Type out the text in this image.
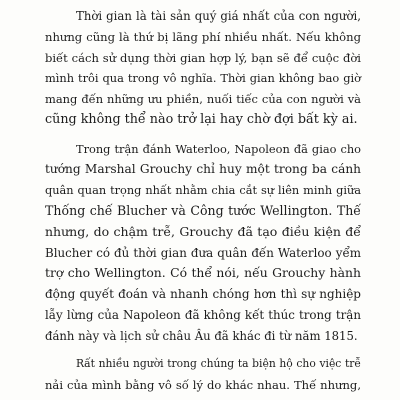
Thời gian là tài sản quý giá nhất của con người,
nhưng cũng là thứ bị lãng phí nhiều nhất. Nếu không
biết cách sử dụng thời gian hợp lý, bạn sẽ để cuộc đời
mình trôi qua trong vô nghĩa. Thời gian không bao giờ
mang đến những ưu phiền, nuối tiếc của con người và
cũng không thể nào trở lại hay chờ đợi bất kỳ ai.
Trong trận đánh Waterloo, Napoleon đã giao cho
tướng Marshal Grouchy chỉ huy một trong ba cánh
quân quan trọng nhất nhằm chia cắt sự liên minh giữa
Thống chế Blucher và Công tước Wellington. Thế
nhưng, do chậm trễ, Grouchy đã tạo điều kiện để
Blucher có đủ thời gian đưa quân đến Waterloo yểm
trợ cho Wellington. Có thể nói, nếu Grouchy hành
động quyết đoán và nhanh chóng hơn thì sự nghiệp
lẫy lừng của Napoleon đã không kết thúc trong trận
đánh này và lịch sử châu Âu đã khác đi từ năm 1815.
Rất nhiều người trong chúng ta biện hộ cho việc trễ
nải của mình bằng vô số lý do khác nhau. Thế nhưng,
